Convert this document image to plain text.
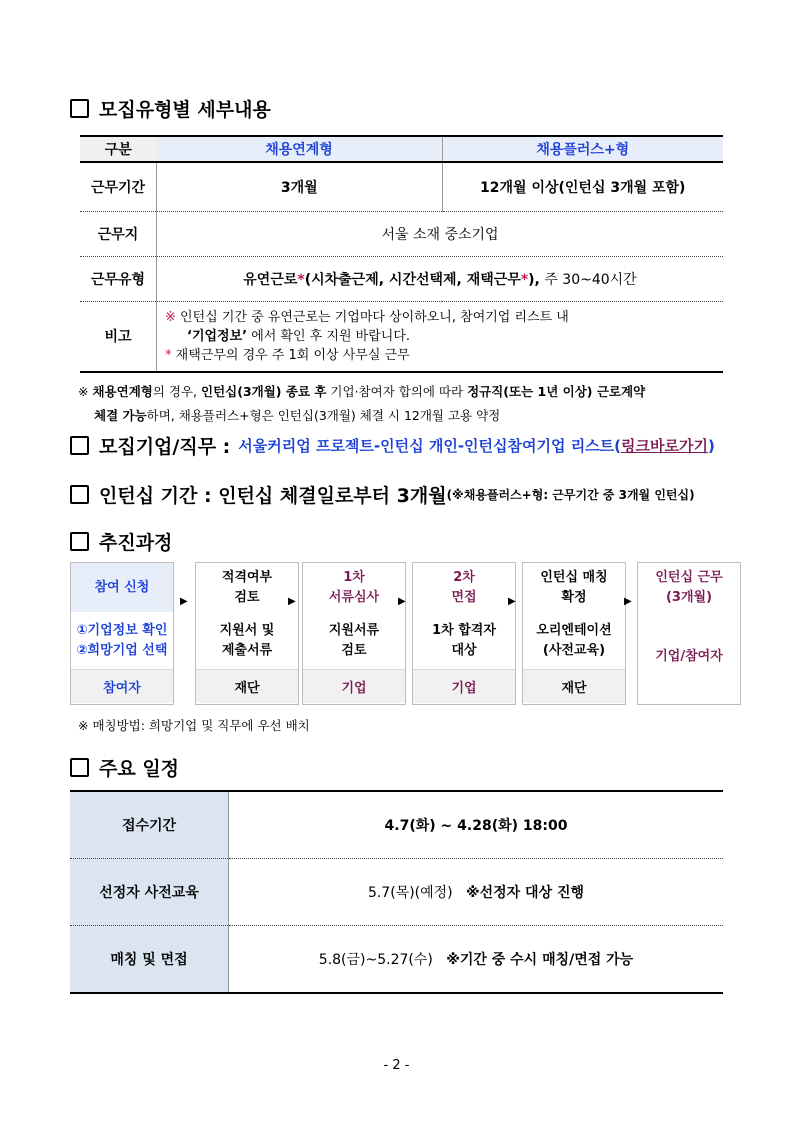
모집유형별 세부내용
구분	채용연계형	채용플러스+형
근무기간	3개월	12개월 이상(인턴십 3개월 포함)
근무지	서울 소재 중소기업	
근무유형	유연근로*(시차출근제, 시간선택제, 재택근무*), 주 30~40시간	
비고	※ 인턴십 기간 중 유연근로는 기업마다 상이하오니, 참여기업 리스트 내
‘기업정보’ 에서 확인 후 지원 바랍니다.
* 재택근무의 경우 주 1회 이상 사무실 근무	
※ 채용연계형의 경우, 인턴십(3개월) 종료 후 기업·참여자 합의에 따라 정규직(또는 1년 이상) 근로계약
체결 가능하며, 채용플러스+형은 인턴십(3개월) 체결 시 12개월 고용 약정
모집기업/직무 : 서울커리업 프로젝트-인턴십 개인-인턴십참여기업 리스트( 링크바로가기 )
인턴십 기간 : 인턴십 체결일로부터 3개월 (※채용플러스+형: 근무기간 중 3개월 인턴십)
추진과정
참여 신청
①기업정보 확인
②희망기업 선택
참여자
적격여부
검토
지원서 및
제출서류
재단
1차
서류심사
지원서류
검토
기업
2차
면접
1차 합격자
대상
기업
인턴십 매칭
확정
오리엔테이션
(사전교육)
재단
인턴십 근무
(3개월)
기업/참여자
▶	▶	▶	▶	▶
※ 매칭방법: 희망기업 및 직무에 우선 배치
주요 일정
접수기간	4.7(화) ~ 4.28(화) 18:00
선정자 사전교육	5.7(목)(예정) ※선정자 대상 진행
매칭 및 면접	5.8(금)~5.27(수) ※기간 중 수시 매칭/면접 가능
- 2 -
